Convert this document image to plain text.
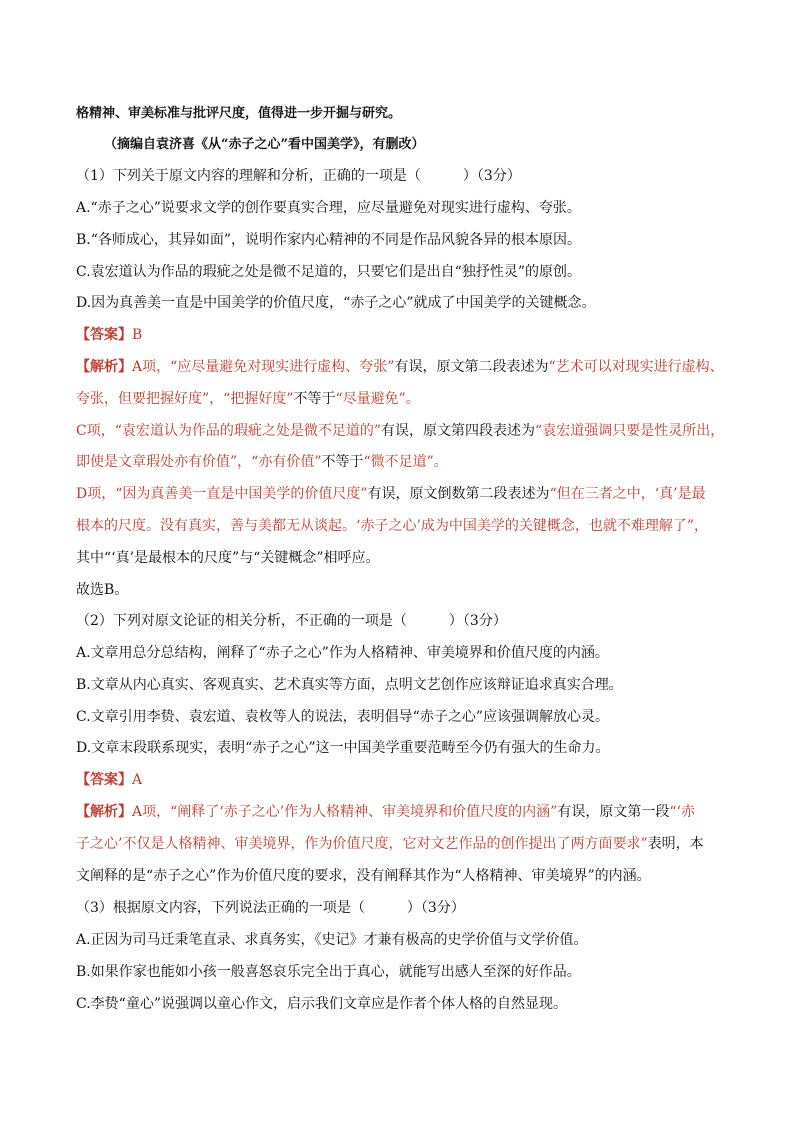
格精神、审美标准与批评尺度，值得进一步开掘与研究。
（摘编自袁济喜《从“赤子之心”看中国美学》，有删改）
（1）下列关于原文内容的理解和分析，正确的一项是（　　　）（3分）
A.“赤子之心”说要求文学的创作要真实合理，应尽量避免对现实进行虚构、夸张。
B.“各师成心，其异如面”，说明作家内心精神的不同是作品风貌各异的根本原因。
C.袁宏道认为作品的瑕疵之处是微不足道的，只要它们是出自“独抒性灵”的原创。
D.因为真善美一直是中国美学的价值尺度，“赤子之心”就成了中国美学的关键概念。
【答案】B
【解析】A项，“应尽量避免对现实进行虚构、夸张”有误，原文第二段表述为“艺术可以对现实进行虚构、
夸张，但要把握好度”，“把握好度”不等于“尽量避免”。
C项，“袁宏道认为作品的瑕疵之处是微不足道的”有误，原文第四段表述为“袁宏道强调只要是性灵所出，
即使是文章瑕处亦有价值”，“亦有价值”不等于“微不足道”。
D项，“因为真善美一直是中国美学的价值尺度”有误，原文倒数第二段表述为“但在三者之中，‘真’是最
根本的尺度。没有真实，善与美都无从谈起。‘赤子之心’成为中国美学的关键概念，也就不难理解了”，
其中“‘真’是最根本的尺度”与“关键概念”相呼应。
故选B。
（2）下列对原文论证的相关分析，不正确的一项是（　　　）（3分）
A.文章用总分总结构，阐释了“赤子之心”作为人格精神、审美境界和价值尺度的内涵。
B.文章从内心真实、客观真实、艺术真实等方面，点明文艺创作应该辩证追求真实合理。
C.文章引用李贽、袁宏道、袁枚等人的说法，表明倡导“赤子之心”应该强调解放心灵。
D.文章末段联系现实，表明“赤子之心”这一中国美学重要范畴至今仍有强大的生命力。
【答案】A
【解析】A项，“阐释了‘赤子之心’作为人格精神、审美境界和价值尺度的内涵”有误，原文第一段“‘赤
子之心’不仅是人格精神、审美境界，作为价值尺度，它对文艺作品的创作提出了两方面要求”表明，本
文阐释的是“赤子之心”作为价值尺度的要求，没有阐释其作为“人格精神、审美境界”的内涵。
（3）根据原文内容，下列说法正确的一项是（　　　）（3分）
A.正因为司马迁秉笔直录、求真务实，《史记》才兼有极高的史学价值与文学价值。
B.如果作家也能如小孩一般喜怒哀乐完全出于真心，就能写出感人至深的好作品。
C.李贽“童心”说强调以童心作文，启示我们文章应是作者个体人格的自然显现。
